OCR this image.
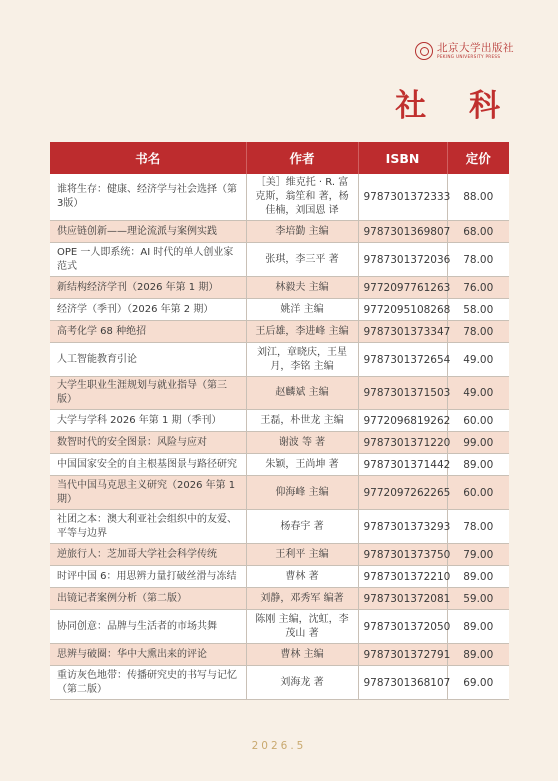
北京大学出版社
PEKING UNIVERSITY PRESS
社 科
书名	作者	ISBN	定价
谁将生存：健康、经济学与社会选择（第3版）	［美］维克托 · R. 富克斯，翁笙和 著，杨佳楠，刘国恩 译	9787301372333	88.00
供应链创新——理论流派与案例实践	李培勤 主编	9787301369807	68.00
OPE 一人即系统：AI 时代的单人创业家范式	张琪，李三平 著	9787301372036	78.00
新结构经济学刊（2026 年第 1 期）	林毅夫 主编	9772097761263	76.00
经济学（季刊）（2026 年第 2 期）	姚洋 主编	9772095108268	58.00
高考化学 68 种绝招	王后雄，李进峰 主编	9787301373347	78.00
人工智能教育引论	刘江，章晓庆，王星月，李铭 主编	9787301372654	49.00
大学生职业生涯规划与就业指导（第三版）	赵麟斌 主编	9787301371503	49.00
大学与学科 2026 年第 1 期（季刊）	王磊，朴世龙 主编	9772096819262	60.00
数智时代的安全图景：风险与应对	谢波 等 著	9787301371220	99.00
中国国家安全的自主根基图景与路径研究	朱颖，王尚坤 著	9787301371442	89.00
当代中国马克思主义研究（2026 年第 1 期）	仰海峰 主编	9772097262265	60.00
社团之本：澳大利亚社会组织中的友爱、平等与边界	杨春宇 著	9787301373293	78.00
逆旅行人：芝加哥大学社会科学传统	王利平 主编	9787301373750	79.00
时评中国 6：用思辨力量打破丝滑与冻结	曹林 著	9787301372210	89.00
出镜记者案例分析（第二版）	刘静，邓秀军 编著	9787301372081	59.00
协同创意：品牌与生活者的市场共舞	陈刚 主编，沈虹，李茂山 著	9787301372050	89.00
思辨与破圈：华中大熏出来的评论	曹林 主编	9787301372791	89.00
重访灰色地带：传播研究史的书写与记忆（第二版）	刘海龙 著	9787301368107	69.00
2026.5
